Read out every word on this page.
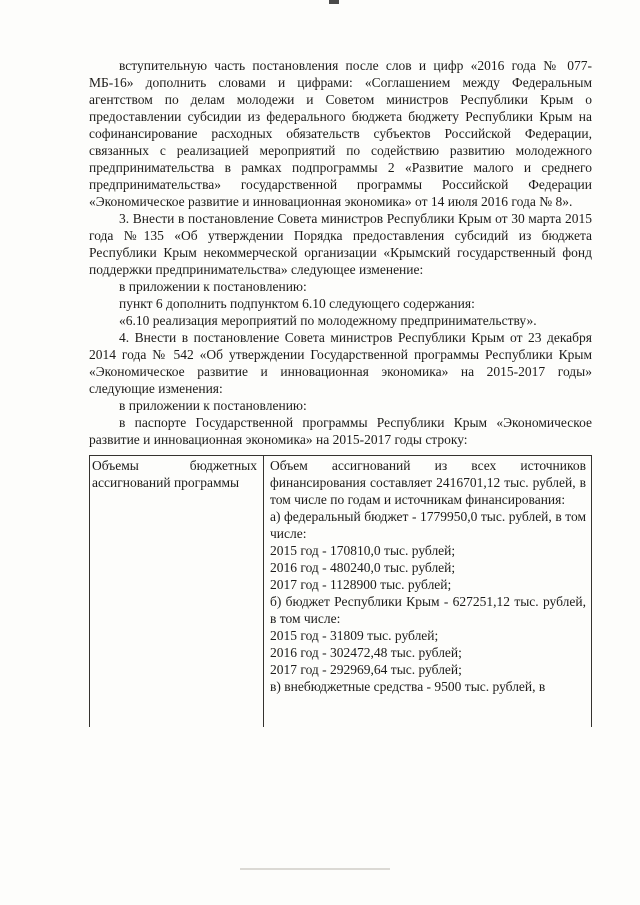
вступительную часть постановления после слов и цифр «2016 года № 077-МБ-16» дополнить словами и цифрами: «Соглашением между Федеральным агентством по делам молодежи и Советом министров Республики Крым о предоставлении субсидии из федерального бюджета бюджету Республики Крым на софинансирование расходных обязательств субъектов Российской Федерации, связанных с реализацией мероприятий по содействию развитию молодежного предпринимательства в рамках подпрограммы 2 «Развитие малого и среднего предпринимательства» государственной программы Российской Федерации «Экономическое развитие и инновационная экономика» от 14 июля 2016 года № 8».

3. Внести в постановление Совета министров Республики Крым от 30 марта 2015 года №135 «Об утверждении Порядка предоставления субсидий из бюджета Республики Крым некоммерческой организации «Крымский государственный фонд поддержки предпринимательства» следующее изменение:

в приложении к постановлению:

пункт 6 дополнить подпунктом 6.10 следующего содержания:

«6.10 реализация мероприятий по молодежному предпринимательству».

4. Внести в постановление Совета министров Республики Крым от 23 декабря 2014 года № 542 «Об утверждении Государственной программы Республики Крым «Экономическое развитие и инновационная экономика» на 2015-2017 годы» следующие изменения:

в приложении к постановлению:

в паспорте Государственной программы Республики Крым «Экономическое развитие и инновационная экономика» на 2015-2017 годы строку:

Объемы бюджетных ассигнований программы
Объем ассигнований из всех источников финансирования составляет 2416701,12 тыс. рублей, в том числе по годам и источникам финансирования:
а) федеральный бюджет - 1779950,0 тыс. рублей, в том числе:
2015 год - 170810,0 тыс. рублей;
2016 год - 480240,0 тыс. рублей;
2017 год - 1128900 тыс. рублей;
б) бюджет Республики Крым - 627251,12 тыс. рублей, в том числе:
2015 год - 31809 тыс. рублей;
2016 год - 302472,48 тыс. рублей;
2017 год - 292969,64 тыс. рублей;
в) внебюджетные средства - 9500 тыс. рублей, в
